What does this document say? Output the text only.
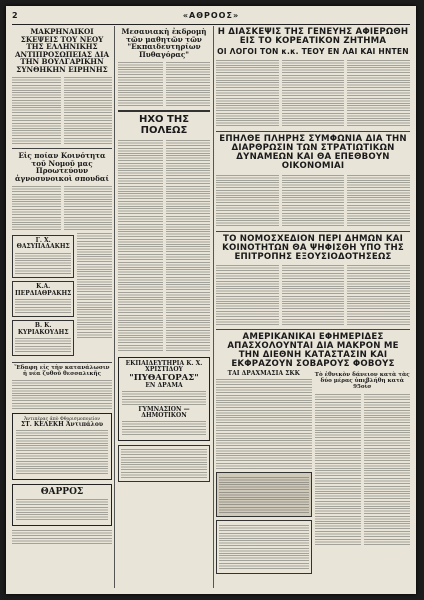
2	«ΑΘΡΟΟΣ»
ΜΑΚΡΗΝΑΙΚΟΙ ΣΚΕΨΕΙΣ ΤΟΥ ΝΕΟΥ ΤΗΣ ΕΛΛΗΝΙΚΗΣ ΑΝΤΙΠΡΟΣΩΠΕΙΑΣ ΔΙΑ ΤΗΝ ΒΟΥΛΓΑΡΙΚΗΝ ΣΥΝΘΗΚΗΝ ΕΙΡΗΝΗΣ
Εἰς ποίαν Κοινότητα τοῦ Νομοῦ μας Προωτεύουν ἀγνοσυνοικοὶ σπουδαί
Γ. Χ. ΘΑΣΥΠΑΔΑΚΗΣ
Κ.Α. ΠΕΡΔΙΑΘΡΑΚΗΣ
Β. Κ. ΚΥΡΙΑΚΟΥΔΗΣ
Ἔδαφη εἰς τὴν κατανάλωσιν ἡ νέα ζυθοῦ θεσσαλικῆς
Ἀντιπέρας ἀπὸ Φθορισμοποιείον
ΣΤ. ΚΕΛΕΚΗ Ἀντιπάλου
ΘΑΡΡΟΣ
Μεσαυιακὴ ἐκδρομὴ τῶν μαθητῶν τῶν "Εκπαιδευτηρίων Πυθαγόρας"
ΗΧΟ ΤΗΣ ΠΟΛΕΩΣ
ΕΚΠΑΙΔΕΥΤΗΡΙΑ Κ. Χ. ΧΡΙΣΤΙΔΟΥ
"ΠΥΘΑΓΟΡΑΣ"
ΕΝ ΔΡΑΜΑ
ΓΥΜΝΑΣΙΟΝ — ΔΗΜΟΤΙΚΟΝ
Η ΔΙΑΣΚΕΨΙΣ ΤΗΣ ΓΕΝΕΥΗΣ ΑΦΙΕΡΩΘΗ ΕΙΣ ΤΟ ΚΟΡΕΑΤΙΚΟΝ ΖΗΤΗΜΑ
ΟΙ ΛΟΓΟΙ ΤΟΝ κ.κ. ΤΕΟΥ ΕΝ ΛΑΙ ΚΑΙ ΗΝΤΕΝ
ΕΠΗΛΘΕ ΠΛΗΡΗΣ ΣΥΜΦΩΝΙΑ ΔΙΑ ΤΗΝ ΔΙΑΡΘΡΩΣΙΝ ΤΩΝ ΣΤΡΑΤΙΩΤΙΚΩΝ ΔΥΝΑΜΕΩΝ ΚΑΙ ΘΑ ΕΠΕΘΒΟΥΝ ΟΙΚΟΝΟΜΙΑΙ
ΤΟ ΝΟΜΟΣΧΕΔΙΟΝ ΠΕΡΙ ΔΗΜΩΝ ΚΑΙ ΚΟΙΝΟΤΗΤΩΝ ΘΑ ΨΗΦΙΣΘΗ ΥΠΟ ΤΗΣ ΕΠΙΤΡΟΠΗΣ ΕΞΟΥΣΙΟΔΟΤΗΣΕΩΣ
ΑΜΕΡΙΚΑΝΙΚΑΙ ΕΦΗΜΕΡΙΔΕΣ ΑΠΑΣΧΟΛΟΥΝΤΑΙ ΔΙΑ ΜΑΚΡΟΝ ΜΕ ΤΗΝ ΔΙΕΘΝΗ ΚΑΤΑΣΤΑΣΙΝ ΚΑΙ ΕΚΦΡΑΖΟΥΝ ΣΟΒΑΡΟΥΣ ΦΟΒΟΥΣ
ΤΑΙ ΔΡΑΧΜΑΣΙΑ ΣΚΚ	Τὸ ἐθνικὸν δάνειον κατὰ τὰς δύο μέρας ὑπεβλήθη κατὰ 95οἶσ
